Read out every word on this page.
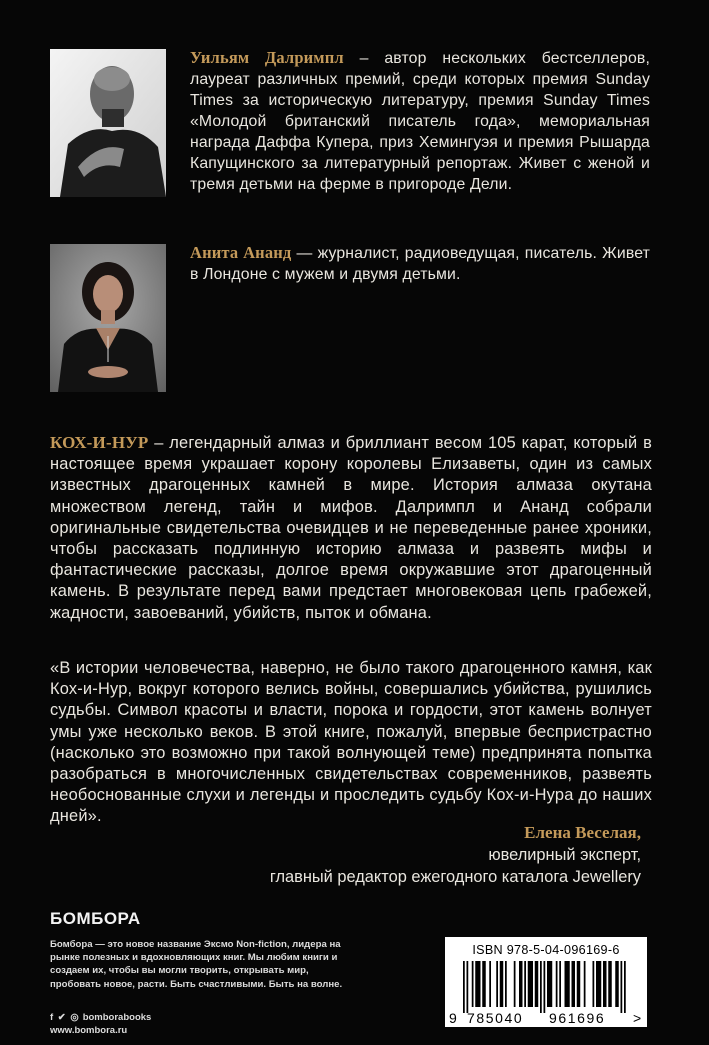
Уильям Далримпл – автор нескольких бестселлеров, лауреат различных премий, среди которых премия Sunday Times за историческую литературу, премия Sunday Times «Молодой британский писатель года», мемориальная награда Даффа Купера, приз Хемингуэя и премия Рышарда Капущинского за литературный репортаж. Живет с женой и тремя детьми на ферме в пригороде Дели.
Анита Ананд — журналист, радиоведущая, писатель. Живет в Лондоне с мужем и двумя детьми.
КОХ-И-НУР – легендарный алмаз и бриллиант весом 105 карат, который в настоящее время украшает корону королевы Елизаветы, один из самых известных драгоценных камней в мире. История алмаза окутана множеством легенд, тайн и мифов. Далримпл и Ананд собрали оригинальные свидетельства очевидцев и не переведенные ранее хроники, чтобы рассказать подлинную историю алмаза и развеять мифы и фантастические рассказы, долгое время окружавшие этот драгоценный камень. В результате перед вами предстает многовековая цепь грабежей, жадности, завоеваний, убийств, пыток и обмана.
«В истории человечества, наверно, не было такого драгоценного камня, как Кох-и-Нур, вокруг которого велись войны, совершались убийства, рушились судьбы. Символ красоты и власти, порока и гордости, этот камень волнует умы уже несколько веков. В этой книге, пожалуй, впервые беспристрастно (насколько это возможно при такой волнующей теме) предпринята попытка разобраться в многочисленных свидетельствах современников, развеять необоснованные слухи и легенды и проследить судьбу Кох-и-Нура до наших дней».
Елена Веселая,
ювелирный эксперт,
главный редактор ежегодного каталога Jewellery
БОМБОРА
Бомбора — это новое название Эксмо Non-fiction, лидера на рынке полезных и вдохновляющих книг. Мы любим книги и создаем их, чтобы вы могли творить, открывать мир, пробовать новое, расти. Быть счастливыми. Быть на волне.
f ✔ ◎ bomborabooks
www.bombora.ru
ISBN 978-5-04-096169-6
9 785040 961696 >
